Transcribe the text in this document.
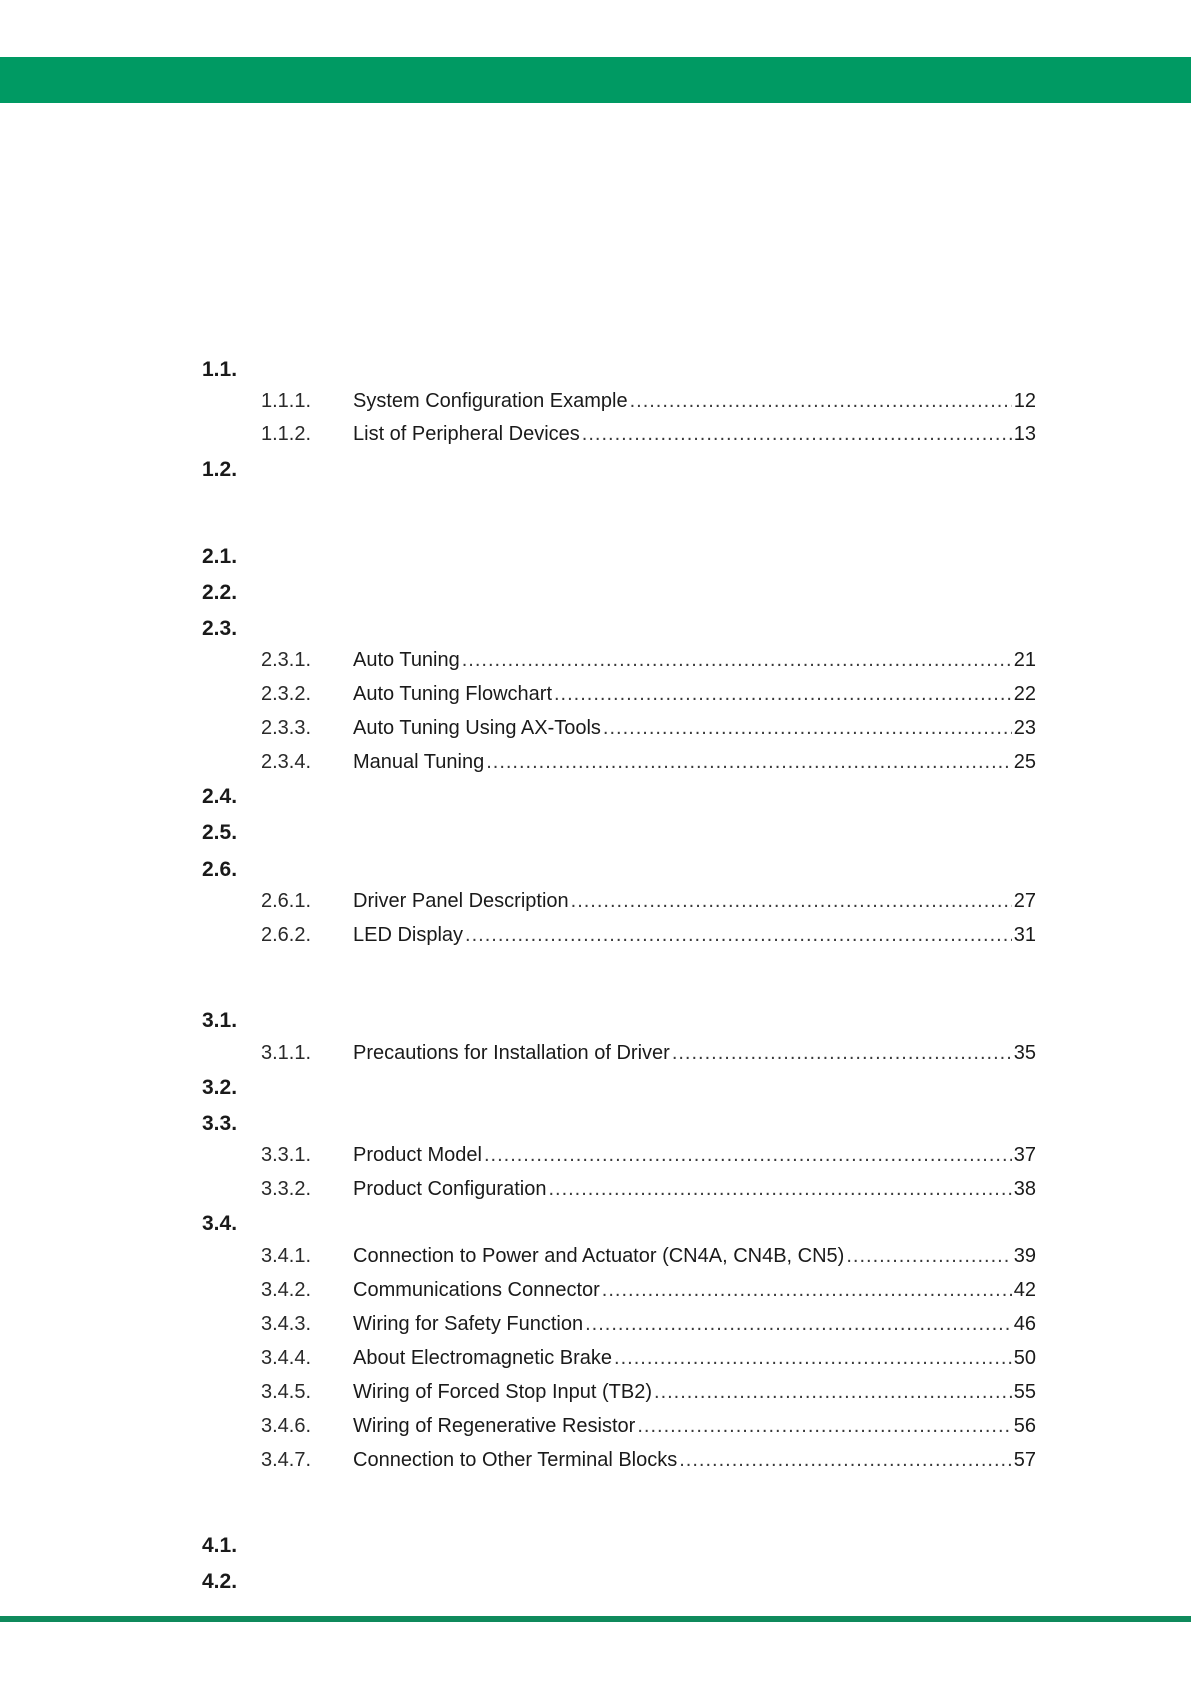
1.1.
1.1.1. System Configuration Example .....	12
1.1.2. List of Peripheral Devices .....	13
1.2.
2.1.
2.2.
2.3.
2.3.1. Auto Tuning .....	21
2.3.2. Auto Tuning Flowchart .....	22
2.3.3. Auto Tuning Using AX-Tools .....	23
2.3.4. Manual Tuning .....	25
2.4.
2.5.
2.6.
2.6.1. Driver Panel Description .....	27
2.6.2. LED Display .....	31
3.1.
3.1.1. Precautions for Installation of Driver .....	35
3.2.
3.3.
3.3.1. Product Model .....	37
3.3.2. Product Configuration .....	38
3.4.
3.4.1. Connection to Power and Actuator (CN4A, CN4B, CN5) .....	39
3.4.2. Communications Connector .....	42
3.4.3. Wiring for Safety Function .....	46
3.4.4. About Electromagnetic Brake .....	50
3.4.5. Wiring of Forced Stop Input (TB2) .....	55
3.4.6. Wiring of Regenerative Resistor .....	56
3.4.7. Connection to Other Terminal Blocks .....	57
4.1.
4.2.
